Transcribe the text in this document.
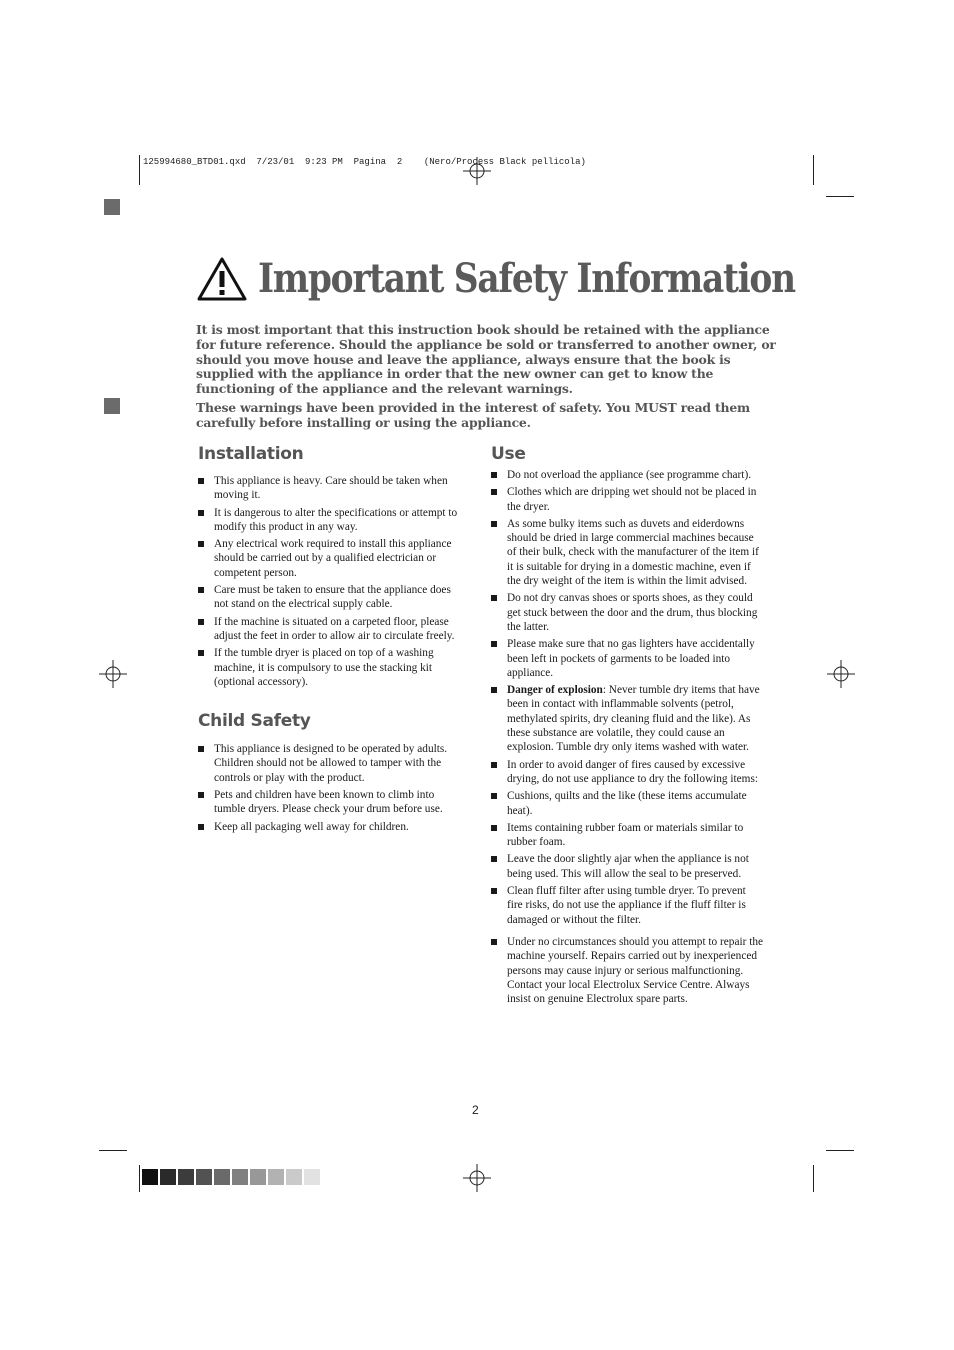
125994680_BTD01.qxd  7/23/01  9:23 PM  Pagina  2    (Nero/Process Black pellicola)
Important Safety Information

It is most important that this instruction book should be retained with the appliance for future reference. Should the appliance be sold or transferred to another owner, or should you move house and leave the appliance, always ensure that the book is supplied with the appliance in order that the new owner can get to know the functioning of the appliance and the relevant warnings.

These warnings have been provided in the interest of safety. You MUST read them carefully before installing or using the appliance.

Installation
This appliance is heavy. Care should be taken when moving it.
It is dangerous to alter the specifications or attempt to modify this product in any way.
Any electrical work required to install this appliance should be carried out by a qualified electrician or competent person.
Care must be taken to ensure that the appliance does not stand on the electrical supply cable.
If the machine is situated on a carpeted floor, please adjust the feet in order to allow air to circulate freely.
If the tumble dryer is placed on top of a washing machine, it is compulsory to use the stacking kit (optional accessory).
Child Safety
This appliance is designed to be operated by adults. Children should not be allowed to tamper with the controls or play with the product.
Pets and children have been known to climb into tumble dryers. Please check your drum before use.
Keep all packaging well away for children.
Use
Do not overload the appliance (see programme chart).
Clothes which are dripping wet should not be placed in the dryer.
As some bulky items such as duvets and eiderdowns should be dried in large commercial machines because of their bulk, check with the manufacturer of the item if it is suitable for drying in a domestic machine, even if the dry weight of the item is within the limit advised.
Do not dry canvas shoes or sports shoes, as they could get stuck between the door and the drum, thus blocking the latter.
Please make sure that no gas lighters have accidentally been left in pockets of garments to be loaded into appliance.
Danger of explosion: Never tumble dry items that have been in contact with inflammable solvents (petrol, methylated spirits, dry cleaning fluid and the like). As these substance are volatile, they could cause an explosion. Tumble dry only items washed with water.
In order to avoid danger of fires caused by excessive drying, do not use appliance to dry the following items:
Cushions, quilts and the like (these items accumulate heat).
Items containing rubber foam or materials similar to rubber foam.
Leave the door slightly ajar when the appliance is not being used. This will allow the seal to be preserved.
Clean fluff filter after using tumble dryer. To prevent fire risks, do not use the appliance if the fluff filter is damaged or without the filter.
Under no circumstances should you attempt to repair the machine yourself. Repairs carried out by inexperienced persons may cause injury or serious malfunctioning. Contact your local Electrolux Service Centre. Always insist on genuine Electrolux spare parts.
2
